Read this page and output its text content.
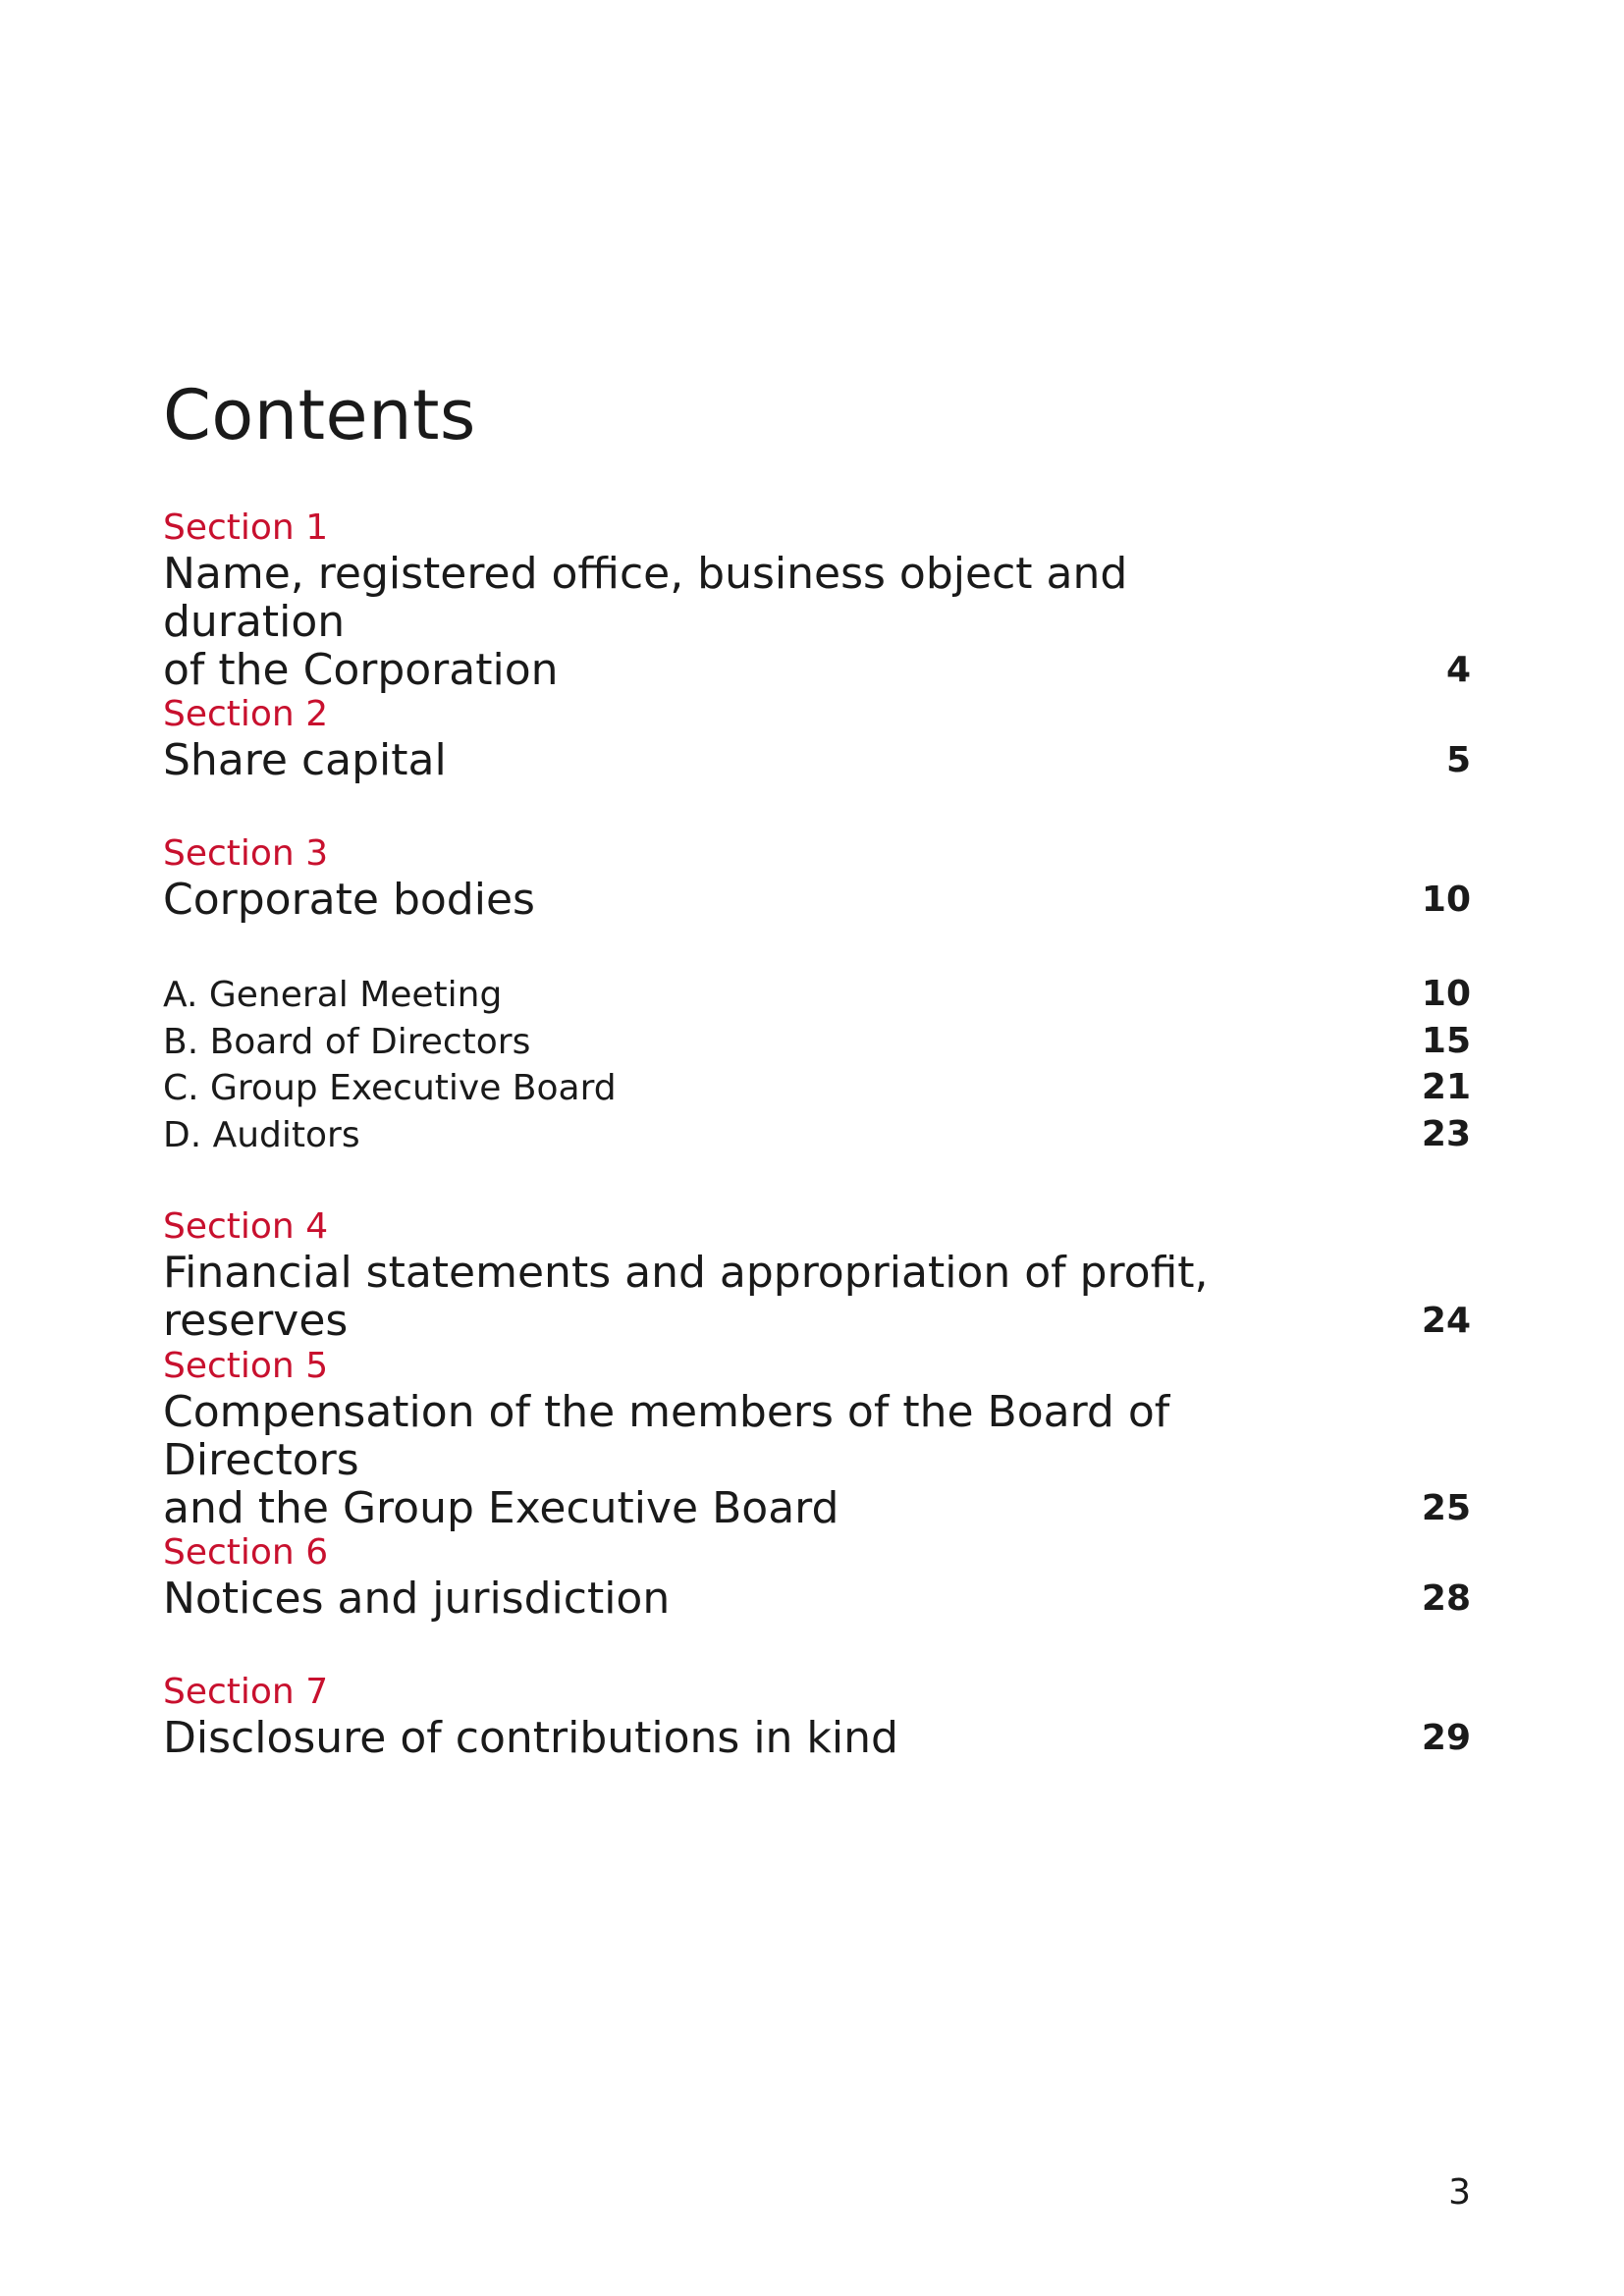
Contents
Section 1
Name, registered office, business object and duration
of the Corporation	4
Section 2
Share capital	5
Section 3
Corporate bodies	10
A. General Meeting	10
B. Board of Directors	15
C. Group Executive Board	21
D. Auditors	23
Section 4
Financial statements and appropriation of profit, reserves	24
Section 5
Compensation of the members of the Board of Directors
and the Group Executive Board	25
Section 6
Notices and jurisdiction	28
Section 7
Disclosure of contributions in kind	29
3
